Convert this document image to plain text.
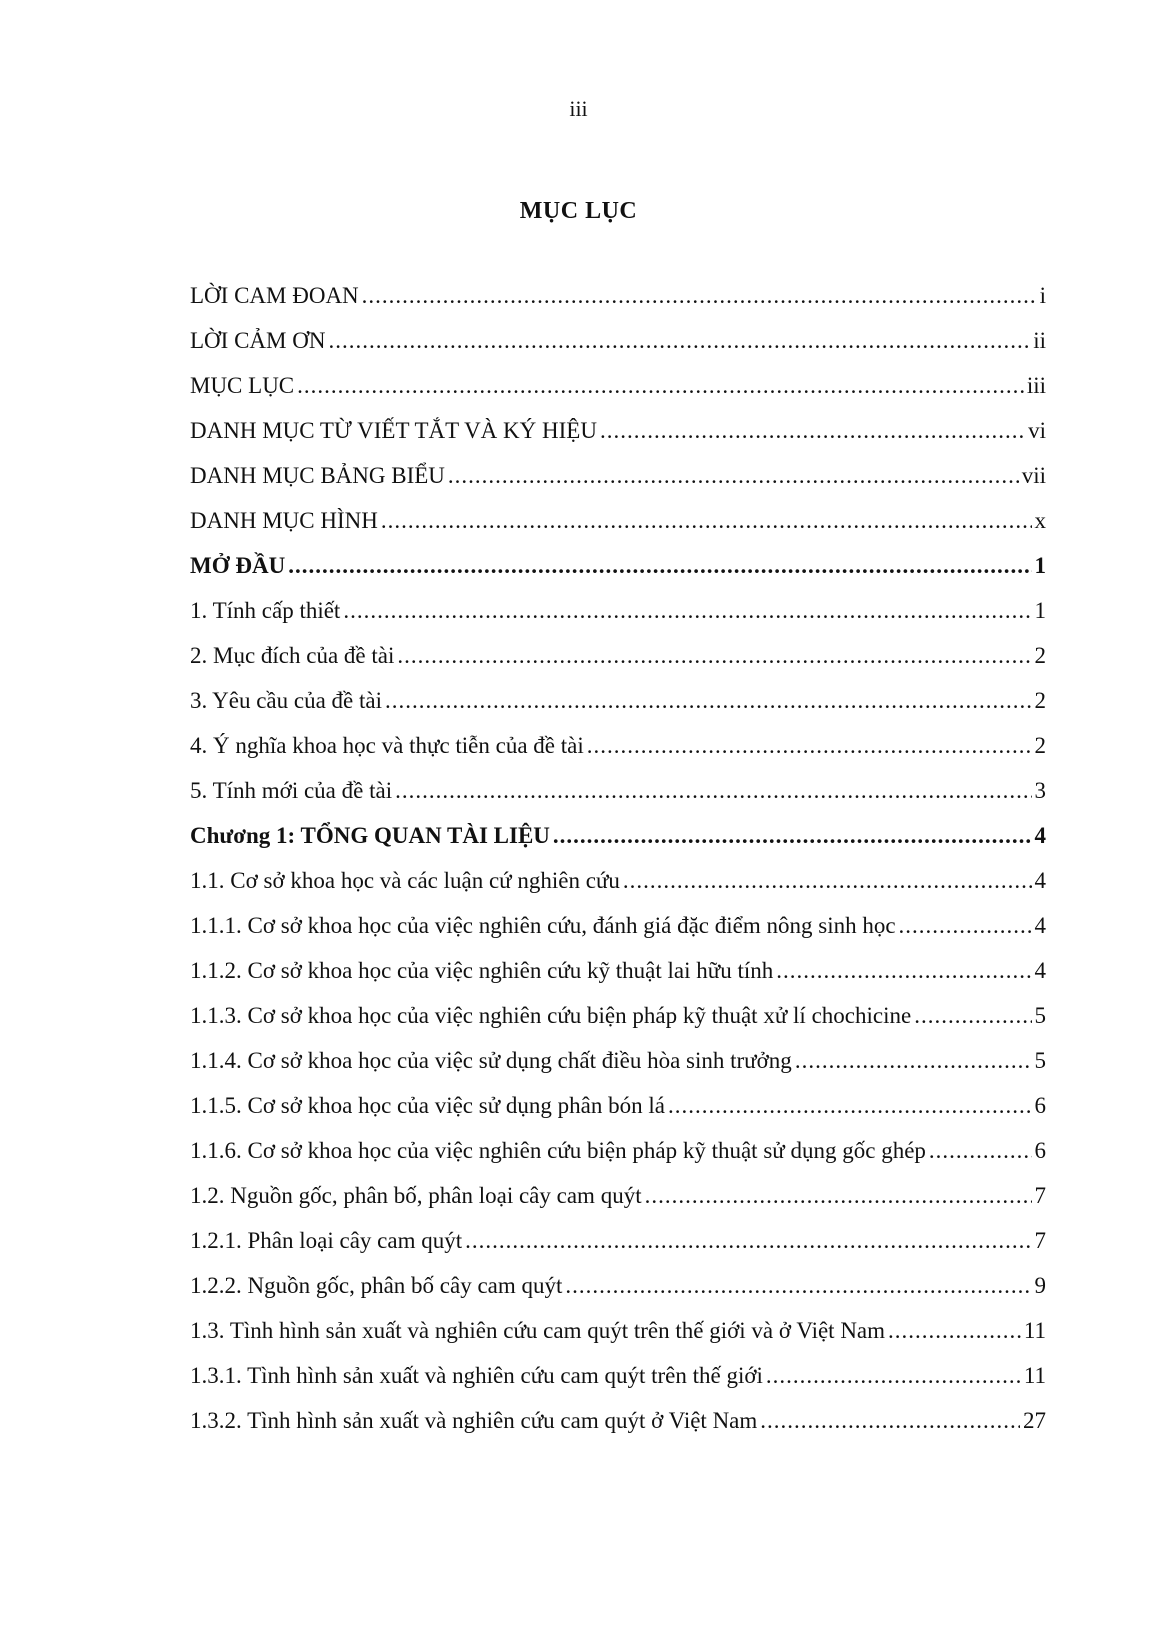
iii
MỤC LỤC
LỜI CAM ĐOAN .....	i
LỜI CẢM ƠN .....	ii
MỤC LỤC .....	iii
DANH MỤC TỪ VIẾT TẮT VÀ KÝ HIỆU .....	vi
DANH MỤC BẢNG BIỂU .....	vii
DANH MỤC HÌNH .....	x
MỞ ĐẦU .....	1
1. Tính cấp thiết .....	1
2. Mục đích của đề tài .....	2
3. Yêu cầu của đề tài .....	2
4. Ý nghĩa khoa học và thực tiễn của đề tài .....	2
5. Tính mới của đề tài .....	3
Chương 1: TỔNG QUAN TÀI LIỆU .....	4
1.1. Cơ sở khoa học và các luận cứ nghiên cứu .....	4
1.1.1. Cơ sở khoa học của việc nghiên cứu, đánh giá đặc điểm nông sinh học .....	4
1.1.2. Cơ sở khoa học của việc nghiên cứu kỹ thuật lai hữu tính .....	4
1.1.3. Cơ sở khoa học của việc nghiên cứu biện pháp kỹ thuật xử lí chochicine .....	5
1.1.4. Cơ sở khoa học của việc sử dụng chất điều hòa sinh trưởng .....	5
1.1.5. Cơ sở khoa học của việc sử dụng phân bón lá .....	6
1.1.6. Cơ sở khoa học của việc nghiên cứu biện pháp kỹ thuật sử dụng gốc ghép .....	6
1.2. Nguồn gốc, phân bố, phân loại cây cam quýt .....	7
1.2.1. Phân loại cây cam quýt .....	7
1.2.2. Nguồn gốc, phân bố cây cam quýt .....	9
1.3. Tình hình sản xuất và nghiên cứu cam quýt trên thế giới và ở Việt Nam .....	11
1.3.1. Tình hình sản xuất và nghiên cứu cam quýt trên thế giới .....	11
1.3.2. Tình hình sản xuất và nghiên cứu cam quýt ở Việt Nam .....	27
